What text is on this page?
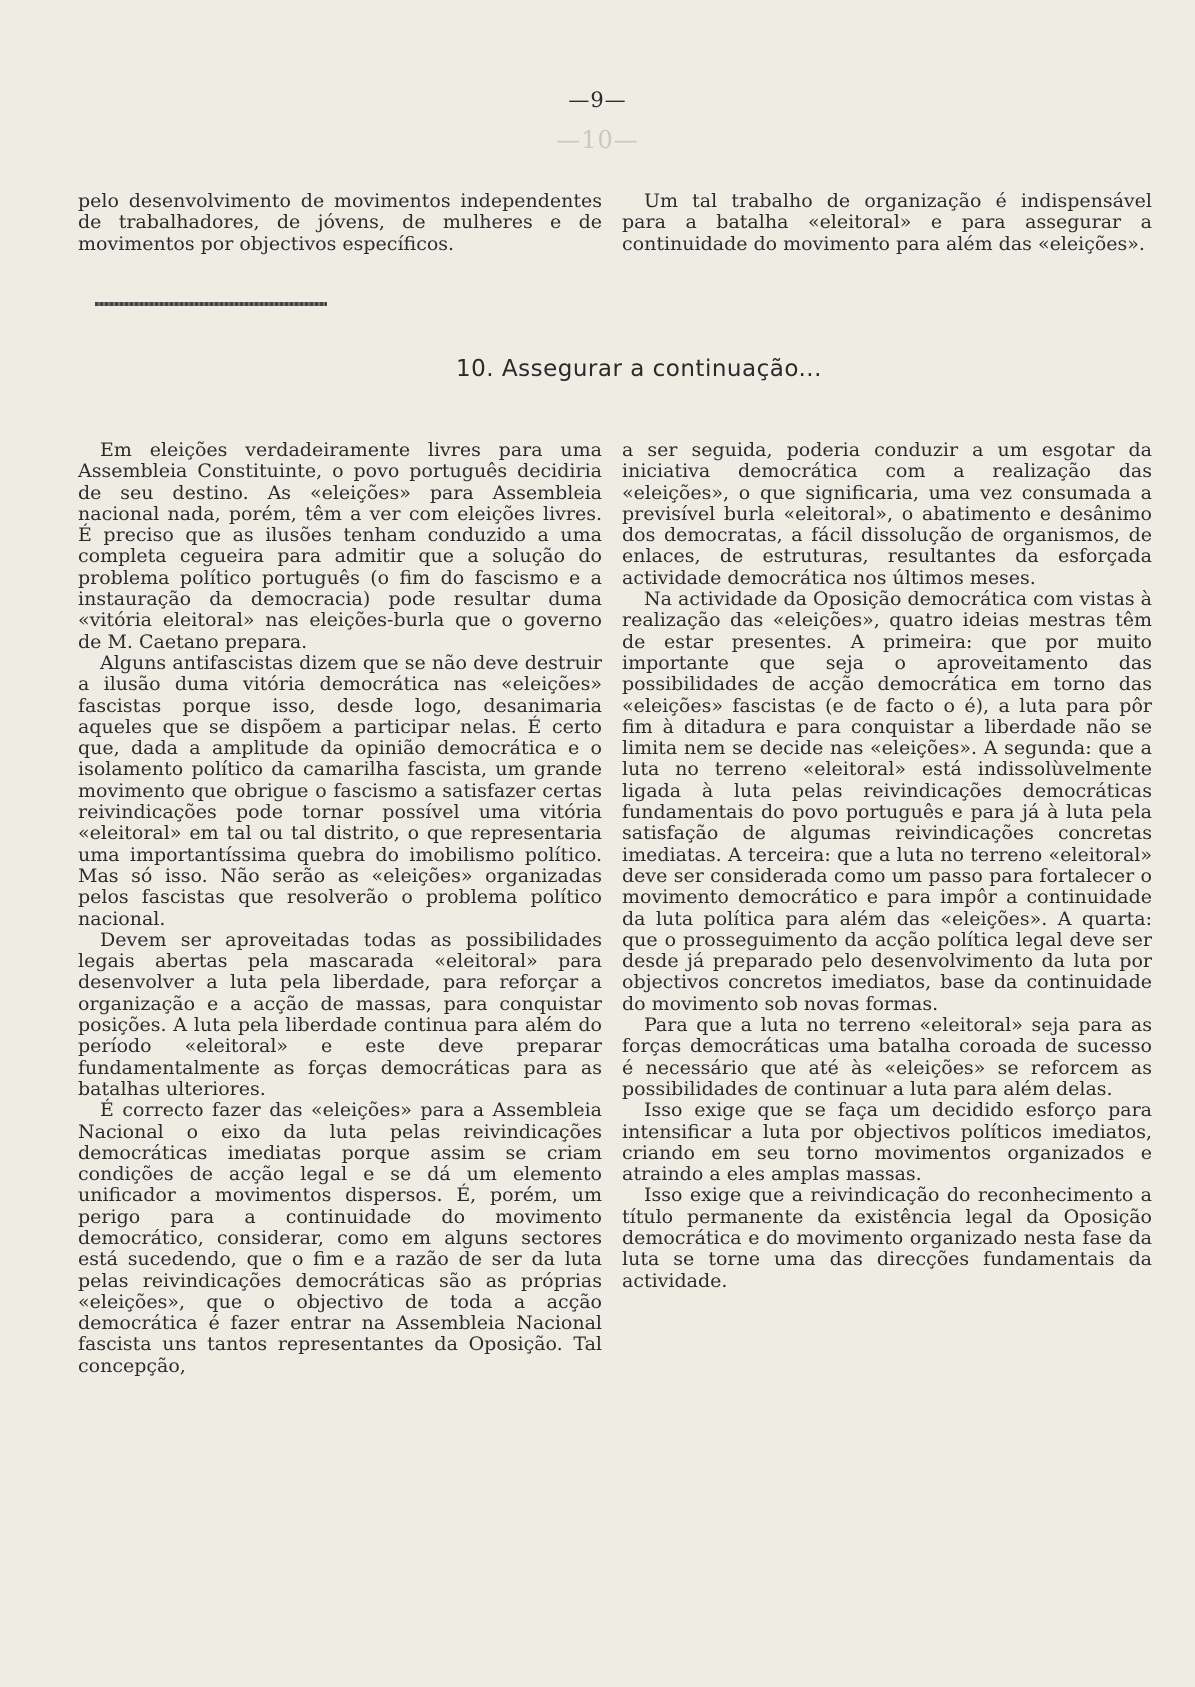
—9—
—10—

pelo desenvolvimento de movimentos independentes de trabalhadores, de jóvens, de mulheres e de movimentos por objectivos específicos.

Um tal trabalho de organização é indispensável para a batalha «eleitoral» e para assegurar a continuidade do movimento para além das «eleições».

10. Assegurar a continuação...

Em eleições verdadeiramente livres para uma Assembleia Constituinte, o povo português decidiria de seu destino. As «eleições» para Assembleia nacional nada, porém, têm a ver com eleições livres. É preciso que as ilusões tenham conduzido a uma completa cegueira para admitir que a solução do problema político português (o fim do fascismo e a instauração da democracia) pode resultar duma «vitória eleitoral» nas eleições-burla que o governo de M. Caetano prepara.

Alguns antifascistas dizem que se não deve destruir a ilusão duma vitória democrática nas «eleições» fascistas porque isso, desde logo, desanimaria aqueles que se dispõem a participar nelas. É certo que, dada a amplitude da opinião democrática e o isolamento político da camarilha fascista, um grande movimento que obrigue o fascismo a satisfazer certas reivindicações pode tornar possível uma vitória «eleitoral» em tal ou tal distrito, o que representaria uma importantíssima quebra do imobilismo político. Mas só isso. Não serão as «eleições» organizadas pelos fascistas que resolverão o problema político nacional.

Devem ser aproveitadas todas as possibilidades legais abertas pela mascarada «eleitoral» para desenvolver a luta pela liberdade, para reforçar a organização e a acção de massas, para conquistar posições. A luta pela liberdade continua para além do período «eleitoral» e este deve preparar fundamentalmente as forças democráticas para as batalhas ulteriores.

É correcto fazer das «eleições» para a Assembleia Nacional o eixo da luta pelas reivindicações democráticas imediatas porque assim se criam condições de acção legal e se dá um elemento unificador a movimentos dispersos. É, porém, um perigo para a continuidade do movimento democrático, considerar, como em alguns sectores está sucedendo, que o fim e a razão de ser da luta pelas reivindicações democráticas são as próprias «eleições», que o objectivo de toda a acção democrática é fazer entrar na Assembleia Nacional fascista uns tantos representantes da Oposição. Tal concepção,

a ser seguida, poderia conduzir a um esgotar da iniciativa democrática com a realização das «eleições», o que significaria, uma vez consumada a previsível burla «eleitoral», o abatimento e desânimo dos democratas, a fácil dissolução de organismos, de enlaces, de estruturas, resultantes da esforçada actividade democrática nos últimos meses.

Na actividade da Oposição democrática com vistas à realização das «eleições», quatro ideias mestras têm de estar presentes. A primeira: que por muito importante que seja o aproveitamento das possibilidades de acção democrática em torno das «eleições» fascistas (e de facto o é), a luta para pôr fim à ditadura e para conquistar a liberdade não se limita nem se decide nas «eleições». A segunda: que a luta no terreno «eleitoral» está indissolùvelmente ligada à luta pelas reivindicações democráticas fundamentais do povo português e para já à luta pela satisfação de algumas reivindicações concretas imediatas. A terceira: que a luta no terreno «eleitoral» deve ser considerada como um passo para fortalecer o movimento democrático e para impôr a continuidade da luta política para além das «eleições». A quarta: que o prosseguimento da acção política legal deve ser desde já preparado pelo desenvolvimento da luta por objectivos concretos imediatos, base da continuidade do movimento sob novas formas.

Para que a luta no terreno «eleitoral» seja para as forças democráticas uma batalha coroada de sucesso é necessário que até às «eleições» se reforcem as possibilidades de continuar a luta para além delas.

Isso exige que se faça um decidido esforço para intensificar a luta por objectivos políticos imediatos, criando em seu torno movimentos organizados e atraindo a eles amplas massas.

Isso exige que a reivindicação do reconhecimento a título permanente da existência legal da Oposição democrática e do movimento organizado nesta fase da luta se torne uma das direcções fundamentais da actividade.
